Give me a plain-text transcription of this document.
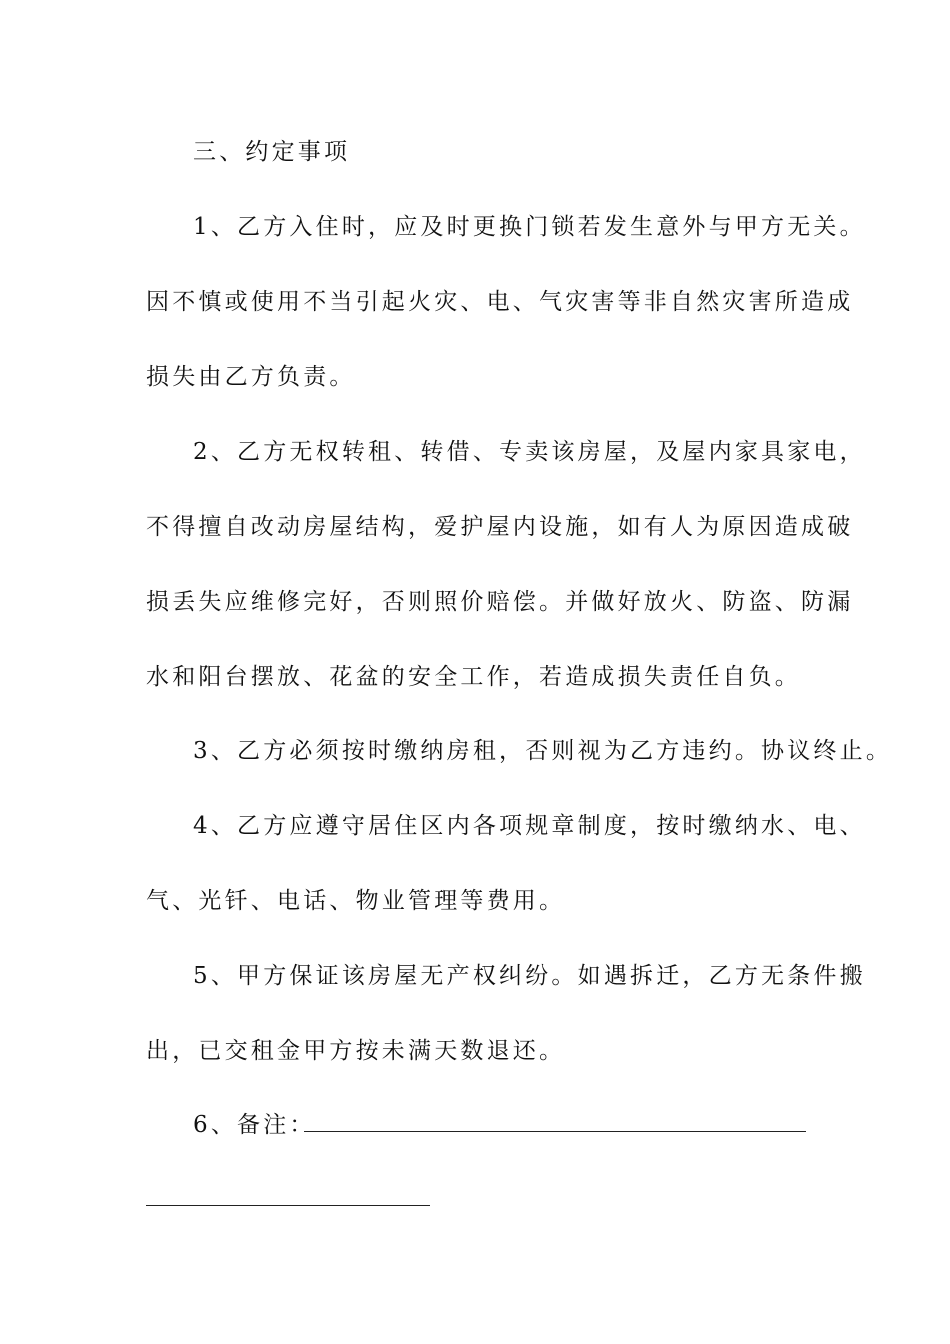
三、约定事项
1、乙方入住时，应及时更换门锁若发生意外与甲方无关。
因不慎或使用不当引起火灾、电、气灾害等非自然灾害所造成
损失由乙方负责。
2、乙方无权转租、转借、专卖该房屋，及屋内家具家电，
不得擅自改动房屋结构，爱护屋内设施，如有人为原因造成破
损丢失应维修完好，否则照价赔偿。并做好放火、防盗、防漏
水和阳台摆放、花盆的安全工作，若造成损失责任自负。
3、乙方必须按时缴纳房租，否则视为乙方违约。协议终止。
4、乙方应遵守居住区内各项规章制度，按时缴纳水、电、
气、光钎、电话、物业管理等费用。
5、甲方保证该房屋无产权纠纷。如遇拆迁，乙方无条件搬
出，已交租金甲方按未满天数退还。
6、备注：
